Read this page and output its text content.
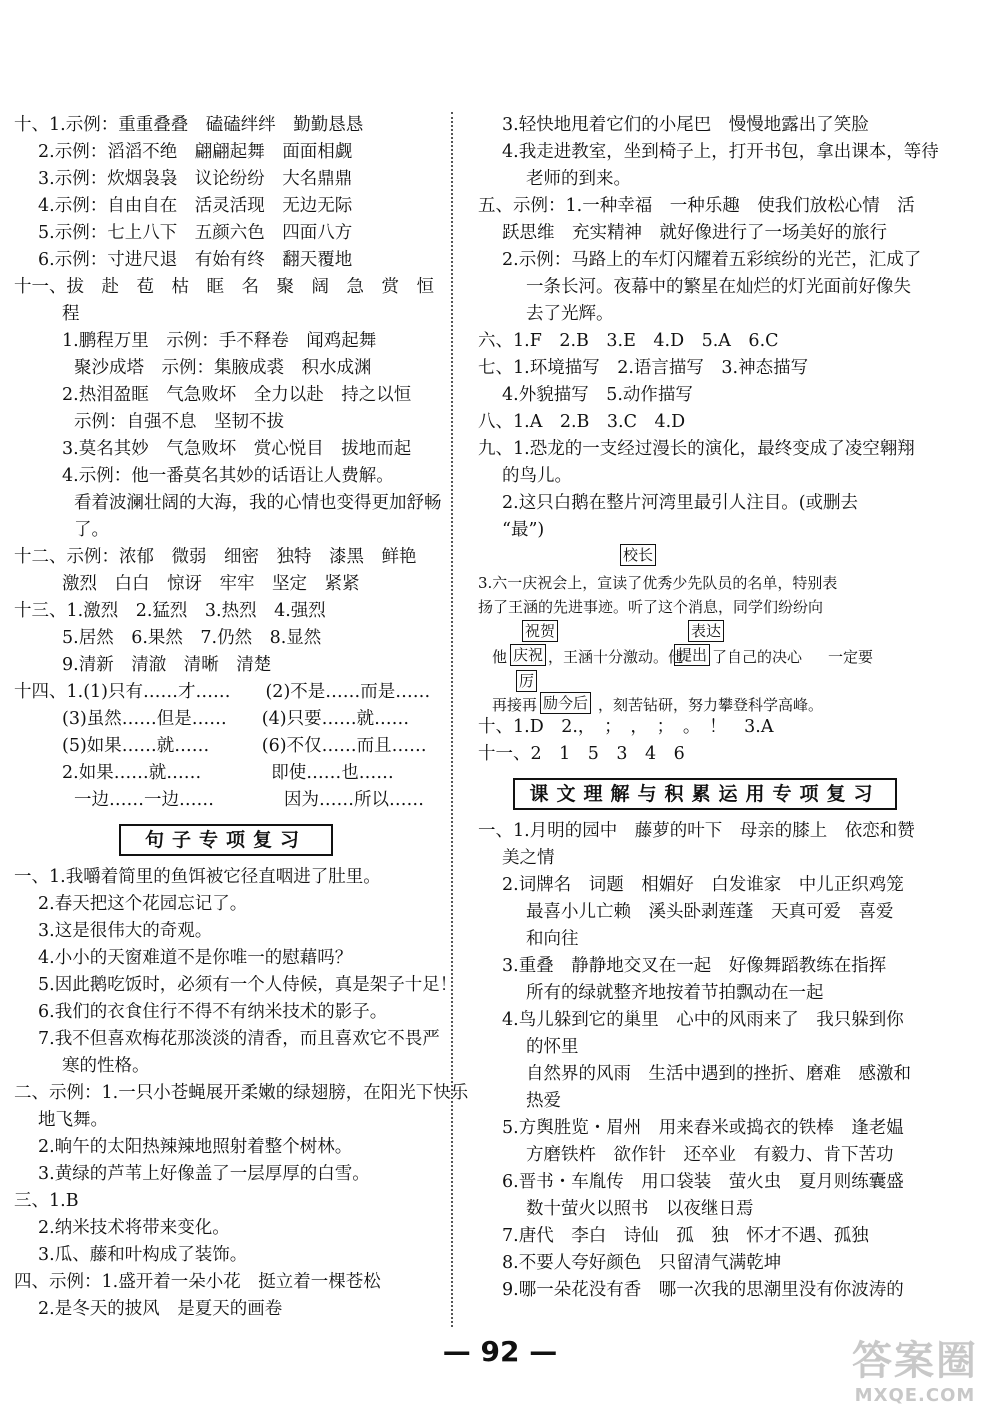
十、1.示例：重重叠叠　磕磕绊绊　勤勤恳恳
2.示例：滔滔不绝　翩翩起舞　面面相觑
3.示例：炊烟袅袅　议论纷纷　大名鼎鼎
4.示例：自由自在　活灵活现　无边无际
5.示例：七上八下　五颜六色　四面八方
6.示例：寸进尺退　有始有终　翻天覆地
十一、拔　赴　苞　枯　眶　名　聚　阔　急　赏　恒
程
1.鹏程万里　示例：手不释卷　闻鸡起舞
聚沙成塔　示例：集腋成裘　积水成渊
2.热泪盈眶　气急败坏　全力以赴　持之以恒
示例：自强不息　坚韧不拔
3.莫名其妙　气急败坏　赏心悦目　拔地而起
4.示例：他一番莫名其妙的话语让人费解。
看着波澜壮阔的大海，我的心情也变得更加舒畅
了。
十二、示例：浓郁　微弱　细密　独特　漆黑　鲜艳
激烈　白白　惊讶　牢牢　坚定　紧紧
十三、1.激烈　2.猛烈　3.热烈　4.强烈
5.居然　6.果然　7.仍然　8.显然
9.清新　清澈　清晰　清楚
十四、1.(1)只有……才……　　(2)不是……而是……
(3)虽然……但是……　　(4)只要……就……
(5)如果……就……　　　(6)不仅……而且……
2.如果……就……　　　　即使……也……
一边……一边……　　　　因为……所以……
句子专项复习
一、1.我嚼着简里的鱼饵被它径直咽进了肚里。
2.春天把这个花园忘记了。
3.这是很伟大的奇观。
4.小小的天窗难道不是你唯一的慰藉吗？
5.因此鹅吃饭时，必须有一个人侍候，真是架子十足！
6.我们的衣食住行不得不有纳米技术的影子。
7.我不但喜欢梅花那淡淡的清香，而且喜欢它不畏严
寒的性格。
二、示例：1.一只小苍蝇展开柔嫩的绿翅膀，在阳光下快乐
地飞舞。
2.晌午的太阳热辣辣地照射着整个树林。
3.黄绿的芦苇上好像盖了一层厚厚的白雪。
三、1.B
2.纳米技术将带来变化。
3.瓜、藤和叶构成了装饰。
四、示例：1.盛开着一朵小花　挺立着一棵苍松
2.是冬天的披风　是夏天的画卷
3.轻快地甩着它们的小尾巴　慢慢地露出了笑脸
4.我走进教室，坐到椅子上，打开书包，拿出课本，等待
老师的到来。
五、示例：1.一种幸福　一种乐趣　使我们放松心情　活
跃思维　充实精神　就好像进行了一场美好的旅行
2.示例：马路上的车灯闪耀着五彩缤纷的光芒，汇成了
一条长河。夜幕中的繁星在灿烂的灯光面前好像失
去了光辉。
六、1.F　2.B　3.E　4.D　5.A　6.C
七、1.环境描写　2.语言描写　3.神态描写
4.外貌描写　5.动作描写
八、1.A　2.B　3.C　4.D
九、1.恐龙的一支经过漫长的演化，最终变成了凌空翱翔
的鸟儿。
2.这只白鹅在整片河湾里最引人注目。(或删去
“最”)
校长
3.六一庆祝会上，宣读了优秀少先队员的名单，特别表
扬了王涵的先进事迹。听了这个消息，同学们纷纷向
祝贺	表达
他 庆祝 ，王涵十分激动。他
提出 了自己的决心 一定要
厉
再接再 励今后 ，刻苦钻研，努力攀登科学高峰。
十、1.D　2.，　；　，　；　。　！　3.A
十一、2　1　5　3　4　6
课文理解与积累运用专项复习
一、1.月明的园中　藤萝的叶下　母亲的膝上　依恋和赞
美之情
2.词牌名　词题　相媚好　白发谁家　中儿正织鸡笼
最喜小儿亡赖　溪头卧剥莲蓬　天真可爱　喜爱
和向往
3.重叠　静静地交叉在一起　好像舞蹈教练在指挥
所有的绿就整齐地按着节拍飘动在一起
4.鸟儿躲到它的巢里　心中的风雨来了　我只躲到你
的怀里
自然界的风雨　生活中遇到的挫折、磨难　感激和
热爱
5.方舆胜览・眉州　用来舂米或捣衣的铁棒　逢老媪
方磨铁杵　欲作针　还卒业　有毅力、肯下苦功
6.晋书・车胤传　用口袋装　萤火虫　夏月则练囊盛
数十萤火以照书　以夜继日焉
7.唐代　李白　诗仙　孤　独　怀才不遇、孤独
8.不要人夸好颜色　只留清气满乾坤
9.哪一朵花没有香　哪一次我的思潮里没有你波涛的
— 92 —	答案圈
MXQE.COM
